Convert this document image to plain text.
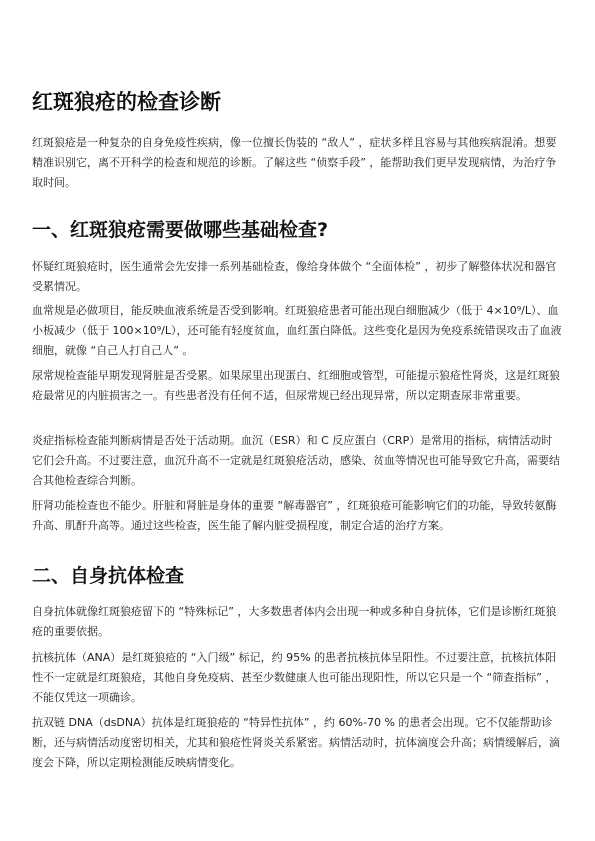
红斑狼疮的检查诊断

红斑狼疮是一种复杂的自身免疫性疾病，像一位擅长伪装的 “敌人” ，症状多样且容易与其他疾病混淆。想要精准识别它，离不开科学的检查和规范的诊断。了解这些 “侦察手段” ，能帮助我们更早发现病情，为治疗争取时间。

一、红斑狼疮需要做哪些基础检查?

怀疑红斑狼疮时，医生通常会先安排一系列基础检查，像给身体做个 “全面体检” ，初步了解整体状况和器官受累情况。

血常规是必做项目，能反映血液系统是否受到影响。红斑狼疮患者可能出现白细胞减少（低于 4×10⁹/L）、血小板减少（低于 100×10⁹/L），还可能有轻度贫血，血红蛋白降低。这些变化是因为免疫系统错误攻击了血液细胞，就像 “自己人打自己人” 。

尿常规检查能早期发现肾脏是否受累。如果尿里出现蛋白、红细胞或管型，可能提示狼疮性肾炎，这是红斑狼疮最常见的内脏损害之一。有些患者没有任何不适，但尿常规已经出现异常，所以定期查尿非常重要。

炎症指标检查能判断病情是否处于活动期。血沉（ESR）和 C 反应蛋白（CRP）是常用的指标，病情活动时它们会升高。不过要注意，血沉升高不一定就是红斑狼疮活动，感染、贫血等情况也可能导致它升高，需要结合其他检查综合判断。

肝肾功能检查也不能少。肝脏和肾脏是身体的重要 “解毒器官” ，红斑狼疮可能影响它们的功能，导致转氨酶升高、肌酐升高等。通过这些检查，医生能了解内脏受损程度，制定合适的治疗方案。

二、自身抗体检查

自身抗体就像红斑狼疮留下的 “特殊标记” ，大多数患者体内会出现一种或多种自身抗体，它们是诊断红斑狼疮的重要依据。

抗核抗体（ANA）是红斑狼疮的 “入门级” 标记，约 95% 的患者抗核抗体呈阳性。不过要注意，抗核抗体阳性不一定就是红斑狼疮，其他自身免疫病、甚至少数健康人也可能出现阳性，所以它只是一个 “筛查指标” ，不能仅凭这一项确诊。

抗双链 DNA（dsDNA）抗体是红斑狼疮的 “特异性抗体” ，约 60%-70 % 的患者会出现。它不仅能帮助诊断，还与病情活动度密切相关，尤其和狼疮性肾炎关系紧密。病情活动时，抗体滴度会升高；病情缓解后，滴度会下降，所以定期检测能反映病情变化。
